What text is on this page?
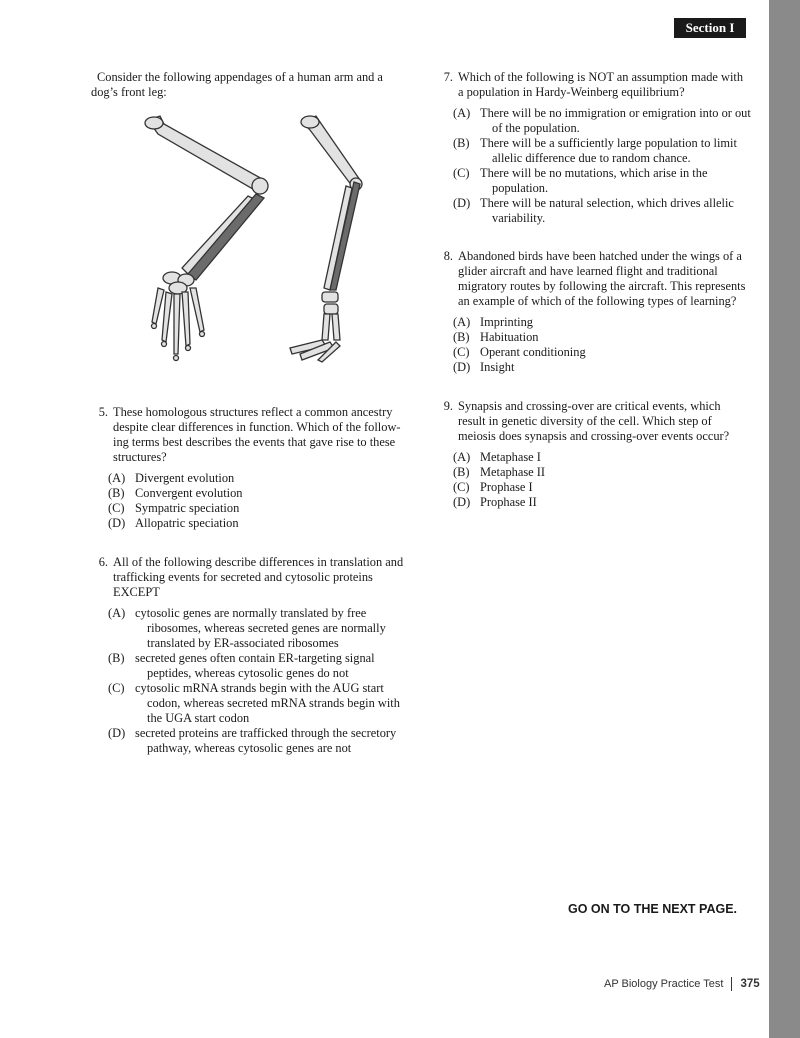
Section I
Consider the following appendages of a human arm and a dog’s front leg:
5. These homologous structures reflect a common ancestry despite clear differences in function. Which of the follow-ing terms best describes the events that gave rise to these structures?
(A) Divergent evolution
(B) Convergent evolution
(C) Sympatric speciation
(D) Allopatric speciation
6. All of the following describe differences in translation and trafficking events for secreted and cytosolic proteins EXCEPT
(A) cytosolic genes are normally translated by free ribosomes, whereas secreted genes are normally translated by ER-associated ribosomes
(B) secreted genes often contain ER-targeting signal peptides, whereas cytosolic genes do not
(C) cytosolic mRNA strands begin with the AUG start codon, whereas secreted mRNA strands begin with the UGA start codon
(D) secreted proteins are trafficked through the secretory pathway, whereas cytosolic genes are not
7. Which of the following is NOT an assumption made with a population in Hardy-Weinberg equilibrium?
(A) There will be no immigration or emigration into or out of the population.
(B) There will be a sufficiently large population to limit allelic difference due to random chance.
(C) There will be no mutations, which arise in the population.
(D) There will be natural selection, which drives allelic variability.
8. Abandoned birds have been hatched under the wings of a glider aircraft and have learned flight and traditional migratory routes by following the aircraft. This represents an example of which of the following types of learning?
(A) Imprinting
(B) Habituation
(C) Operant conditioning
(D) Insight
9. Synapsis and crossing-over are critical events, which result in genetic diversity of the cell. Which step of meiosis does synapsis and crossing-over events occur?
(A) Metaphase I
(B) Metaphase II
(C) Prophase I
(D) Prophase II
GO ON TO THE NEXT PAGE.
AP Biology Practice Test 375
